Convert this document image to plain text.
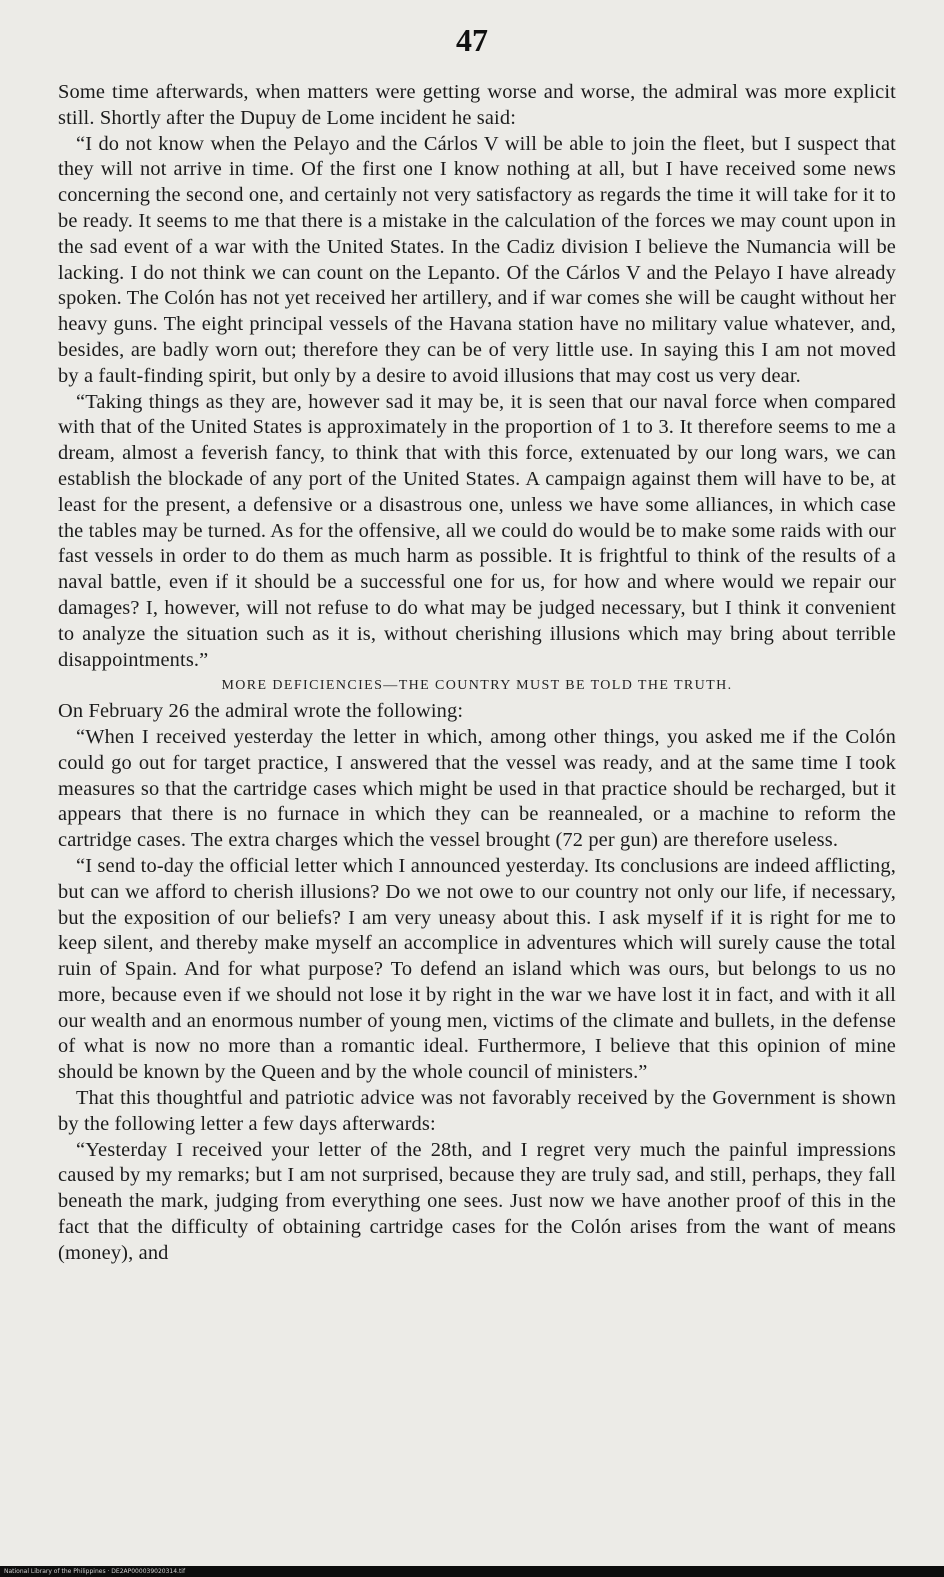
47

Some time afterwards, when matters were getting worse and worse, the admiral was more explicit still. Shortly after the Dupuy de Lome incident he said:

“I do not know when the Pelayo and the Cárlos V will be able to join the fleet, but I suspect that they will not arrive in time. Of the first one I know nothing at all, but I have received some news concerning the second one, and certainly not very satisfactory as regards the time it will take for it to be ready. It seems to me that there is a mistake in the calculation of the forces we may count upon in the sad event of a war with the United States. In the Cadiz division I believe the Numancia will be lacking. I do not think we can count on the Lepanto. Of the Cárlos V and the Pelayo I have already spoken. The Colón has not yet received her artillery, and if war comes she will be caught without her heavy guns. The eight principal vessels of the Havana station have no military value whatever, and, besides, are badly worn out; therefore they can be of very little use. In saying this I am not moved by a fault-finding spirit, but only by a desire to avoid illusions that may cost us very dear.

“Taking things as they are, however sad it may be, it is seen that our naval force when compared with that of the United States is approximately in the proportion of 1 to 3. It therefore seems to me a dream, almost a feverish fancy, to think that with this force, extenuated by our long wars, we can establish the blockade of any port of the United States. A campaign against them will have to be, at least for the present, a defensive or a disastrous one, unless we have some alliances, in which case the tables may be turned. As for the offensive, all we could do would be to make some raids with our fast vessels in order to do them as much harm as possible. It is frightful to think of the results of a naval battle, even if it should be a successful one for us, for how and where would we repair our damages? I, however, will not refuse to do what may be judged necessary, but I think it convenient to analyze the situation such as it is, without cherishing illusions which may bring about terrible disappointments.”

MORE DEFICIENCIES—THE COUNTRY MUST BE TOLD THE TRUTH.

On February 26 the admiral wrote the following:

“When I received yesterday the letter in which, among other things, you asked me if the Colón could go out for target practice, I answered that the vessel was ready, and at the same time I took measures so that the cartridge cases which might be used in that practice should be recharged, but it appears that there is no furnace in which they can be reannealed, or a machine to reform the cartridge cases. The extra charges which the vessel brought (72 per gun) are therefore useless.

“I send to-day the official letter which I announced yesterday. Its conclusions are indeed afflicting, but can we afford to cherish illusions? Do we not owe to our country not only our life, if necessary, but the exposition of our beliefs? I am very uneasy about this. I ask myself if it is right for me to keep silent, and thereby make myself an accomplice in adventures which will surely cause the total ruin of Spain. And for what purpose? To defend an island which was ours, but belongs to us no more, because even if we should not lose it by right in the war we have lost it in fact, and with it all our wealth and an enormous number of young men, victims of the climate and bullets, in the defense of what is now no more than a romantic ideal. Furthermore, I believe that this opinion of mine should be known by the Queen and by the whole council of ministers.”

That this thoughtful and patriotic advice was not favorably received by the Government is shown by the following letter a few days afterwards:

“Yesterday I received your letter of the 28th, and I regret very much the painful impressions caused by my remarks; but I am not surprised, because they are truly sad, and still, perhaps, they fall beneath the mark, judging from everything one sees. Just now we have another proof of this in the fact that the difficulty of obtaining cartridge cases for the Colón arises from the want of means (money), and

National Library of the Philippines · DE2AP000039020314.tif
